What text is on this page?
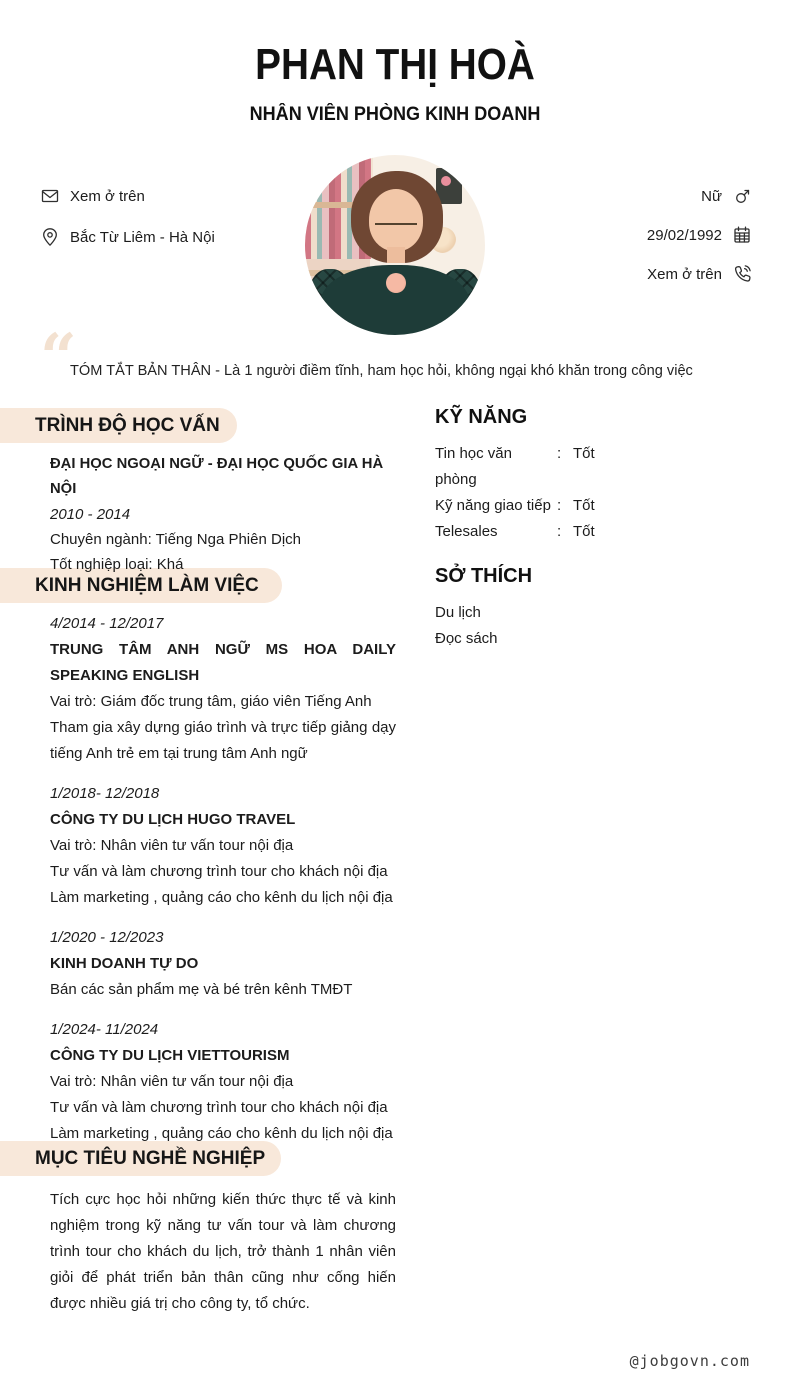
PHAN THỊ HOÀ
NHÂN VIÊN PHÒNG KINH DOANH
Xem ở trên
Bắc Từ Liêm - Hà Nội
Nữ
29/02/1992
Xem ở trên
“
TÓM TẮT BẢN THÂN - Là 1 người điềm tĩnh, ham học hỏi, không ngại khó khăn trong công việc
TRÌNH ĐỘ HỌC VẤN
KINH NGHIỆM LÀM VIỆC
MỤC TIÊU NGHỀ NGHIỆP
ĐẠI HỌC NGOẠI NGỮ - ĐẠI HỌC QUỐC GIA HÀ NỘI
2010 - 2014
Chuyên ngành: Tiếng Nga Phiên Dịch
Tốt nghiệp loại: Khá
4/2014 - 12/2017
TRUNG TÂM ANH NGỮ MS HOA DAILY SPEAKING ENGLISH
Vai trò: Giám đốc trung tâm, giáo viên Tiếng Anh
Tham gia xây dựng giáo trình và trực tiếp giảng dạy tiếng Anh trẻ em tại trung tâm Anh ngữ
1/2018- 12/2018
CÔNG TY DU LỊCH HUGO TRAVEL
Vai trò: Nhân viên tư vấn tour nội địa
Tư vấn và làm chương trình tour cho khách nội địa
Làm marketing , quảng cáo cho kênh du lịch nội địa
1/2020 - 12/2023
KINH DOANH TỰ DO
Bán các sản phẩm mẹ và bé trên kênh TMĐT
1/2024- 11/2024
CÔNG TY DU LỊCH VIETTOURISM
Vai trò: Nhân viên tư vấn tour nội địa
Tư vấn và làm chương trình tour cho khách nội địa
Làm marketing , quảng cáo cho kênh du lịch nội địa
Tích cực học hỏi những kiến thức thực tế và kinh nghiệm trong kỹ năng tư vấn tour và làm chương trình tour cho khách du lịch, trở thành 1 nhân viên giỏi để phát triển bản thân cũng như cống hiến được nhiều giá trị cho công ty, tổ chức.
KỸ NĂNG
Tin học văn phòng
: Tốt
Kỹ năng giao tiếp : Tốt
Telesales	: Tốt
SỞ THÍCH
Du lịch
Đọc sách
@jobgovn.com
